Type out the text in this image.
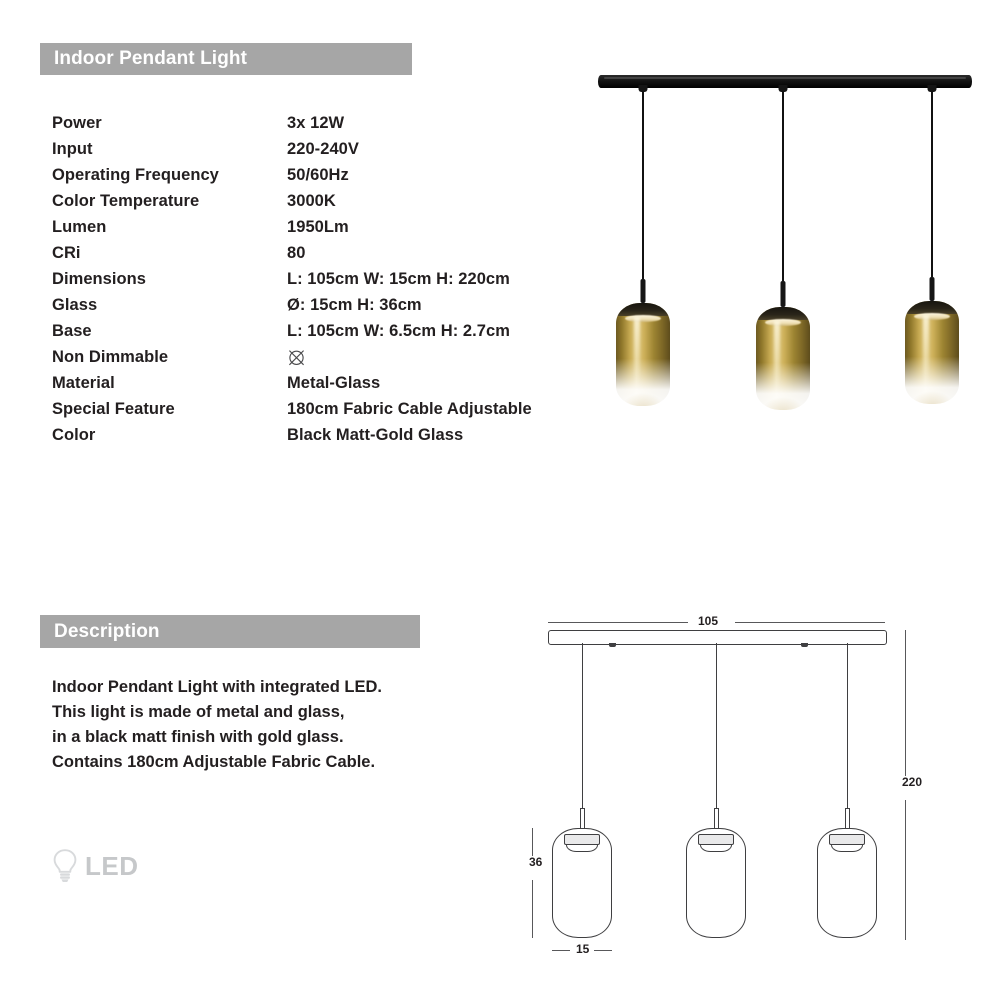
Indoor Pendant Light
Power	3x 12W
Input	220-240V
Operating Frequency	50/60Hz
Color Temperature	3000K
Lumen	1950Lm
CRi	80
Dimensions	L: 105cm W: 15cm H: 220cm
Glass	Ø: 15cm H: 36cm
Base	L: 105cm W: 6.5cm H: 2.7cm
Non Dimmable
Material	Metal-Glass
Special Feature	180cm Fabric Cable Adjustable
Color	Black Matt-Gold Glass
Description
Indoor Pendant Light with integrated LED.
This light is made of metal and glass,
in a black matt finish with gold glass.
Contains 180cm Adjustable Fabric Cable.
LED
105
220
36
15
